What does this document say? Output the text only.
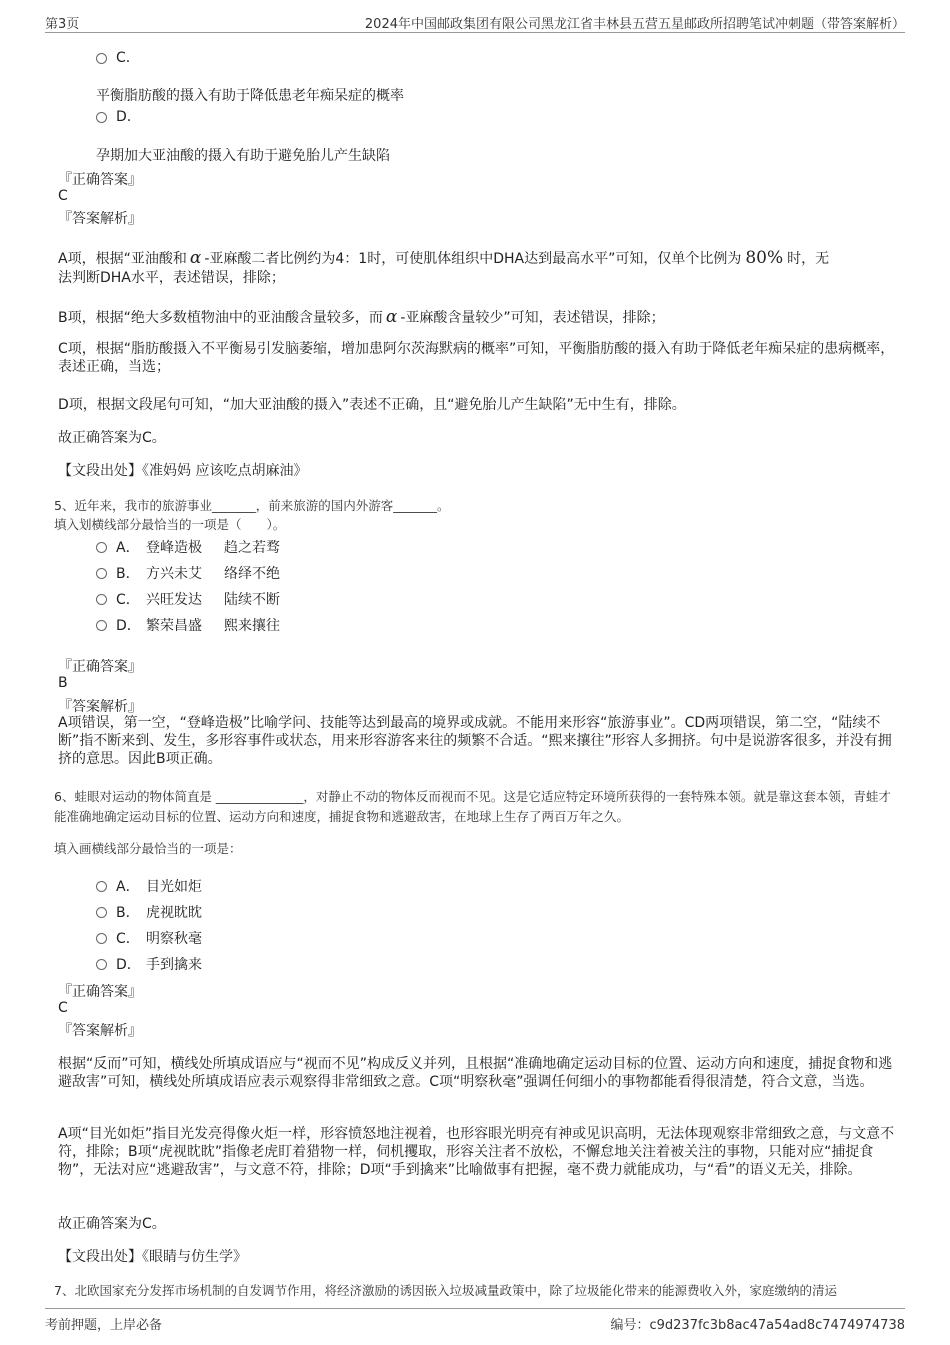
第3页	2024年中国邮政集团有限公司黑龙江省丰林县五营五星邮政所招聘笔试冲刺题（带答案解析）
C.
平衡脂肪酸的摄入有助于降低患老年痴呆症的概率
D.
孕期加大亚油酸的摄入有助于避免胎儿产生缺陷
『正确答案』
C
『答案解析』
A项，根据“亚油酸和 α -亚麻酸二者比例约为4：1时，可使肌体组织中DHA达到最高水平”可知，仅单个比例为 80% 时，无
法判断DHA水平，表述错误，排除；
B项，根据“绝大多数植物油中的亚油酸含量较多，而 α -亚麻酸含量较少”可知，表述错误，排除；
C项，根据“脂肪酸摄入不平衡易引发脑萎缩，增加患阿尔茨海默病的概率”可知，平衡脂肪酸的摄入有助于降低老年痴呆症的患病概率，表述正确，当选；
D项，根据文段尾句可知，“加大亚油酸的摄入”表述不正确，且“避免胎儿产生缺陷”无中生有，排除。
故正确答案为C。
【文段出处】《准妈妈 应该吃点胡麻油》
5、近年来，我市的旅游事业_______，前来旅游的国内外游客_______。
填入划横线部分最恰当的一项是（　　）。
A． 登峰造极	趋之若骛
B． 方兴未艾	络绎不绝
C． 兴旺发达	陆续不断
D． 繁荣昌盛	熙来攘往
『正确答案』
B
『答案解析』
A项错误，第一空，“登峰造极”比喻学问、技能等达到最高的境界或成就。不能用来形容“旅游事业”。CD两项错误，第二空，“陆续不断”指不断来到、发生，多形容事件或状态，用来形容游客来往的频繁不合适。“熙来攘往”形容人多拥挤。句中是说游客很多，并没有拥挤的意思。因此B项正确。
6、蛙眼对运动的物体简直是 ______________，对静止不动的物体反而视而不见。这是它适应特定环境所获得的一套特殊本领。就是靠这套本领，青蛙才能准确地确定运动目标的位置、运动方向和速度，捕捉食物和逃避敌害，在地球上生存了两百万年之久。
填入画横线部分最恰当的一项是：
A． 目光如炬
B． 虎视眈眈
C． 明察秋毫
D． 手到擒来
『正确答案』
C
『答案解析』
根据“反而”可知，横线处所填成语应与“视而不见”构成反义并列，且根据“准确地确定运动目标的位置、运动方向和速度，捕捉食物和逃避敌害”可知，横线处所填成语应表示观察得非常细致之意。C项“明察秋毫”强调任何细小的事物都能看得很清楚，符合文意，当选。
A项“目光如炬”指目光发亮得像火炬一样，形容愤怒地注视着，也形容眼光明亮有神或见识高明，无法体现观察非常细致之意，与文意不符，排除；B项“虎视眈眈”指像老虎盯着猎物一样，伺机攫取，形容关注者不放松，不懈怠地关注着被关注的事物，只能对应“捕捉食物”，无法对应“逃避敌害”，与文意不符，排除；D项“手到擒来”比喻做事有把握，毫不费力就能成功，与“看”的语义无关，排除。
故正确答案为C。
【文段出处】《眼睛与仿生学》
7、北欧国家充分发挥市场机制的自发调节作用，将经济激励的诱因嵌入垃圾减量政策中，除了垃圾能化带来的能源费收入外，家庭缴纳的清运
考前押题，上岸必备	编号：c9d237fc3b8ac47a54ad8c7474974738
